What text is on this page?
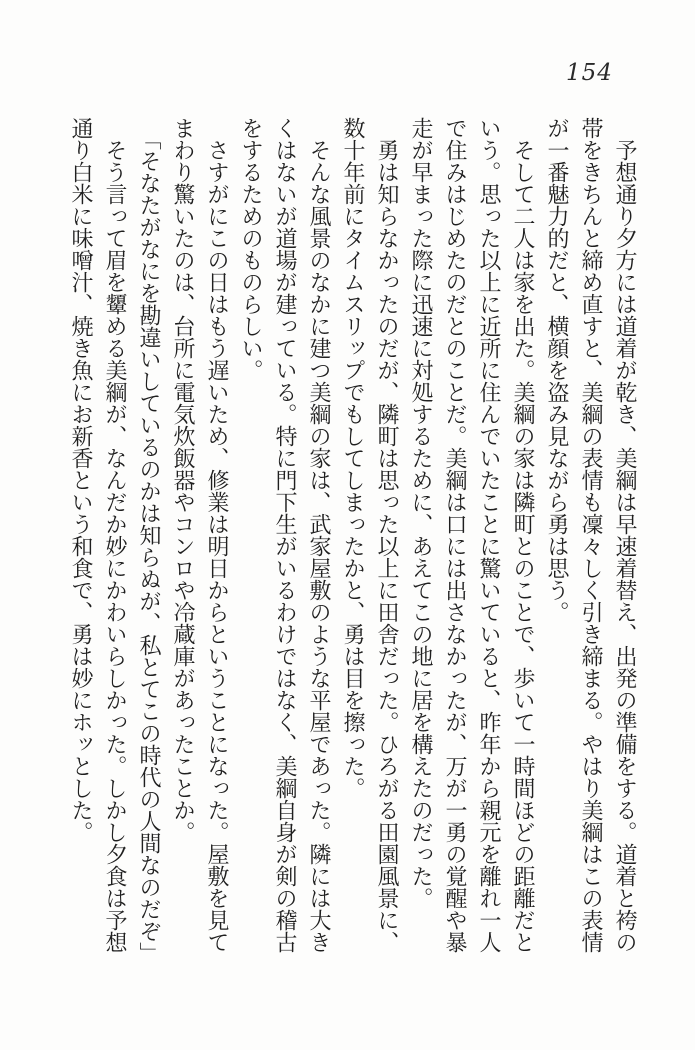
154

予想通り夕方には道着が乾き、美綱は早速着替え、出発の準備をする。道着と袴の帯をきちんと締め直すと、美綱の表情も凜々しく引き締まる。やはり美綱はこの表情が一番魅力的だと、横顔を盗み見ながら勇は思う。

そして二人は家を出た。美綱の家は隣町とのことで、歩いて一時間ほどの距離だという。思った以上に近所に住んでいたことに驚いていると、昨年から親元を離れ一人で住みはじめたのだとのことだ。美綱は口には出さなかったが、万が一勇の覚醒や暴走が早まった際に迅速に対処するために、あえてこの地に居を構えたのだった。

勇は知らなかったのだが、隣町は思った以上に田舎だった。ひろがる田園風景に、数十年前にタイムスリップでもしてしまったかと、勇は目を擦った。

そんな風景のなかに建つ美綱の家は、武家屋敷のような平屋であった。隣には大きくはないが道場が建っている。特に門下生がいるわけではなく、美綱自身が剣の稽古をするためのものらしい。

さすがにこの日はもう遅いため、修業は明日からということになった。屋敷を見てまわり驚いたのは、台所に電気炊飯器やコンロや冷蔵庫があったことか。

「そなたがなにを勘違いしているのかは知らぬが、私とてこの時代の人間なのだぞ」

そう言って眉を顰める美綱が、なんだか妙にかわいらしかった。しかし夕食は予想通り白米に味噌汁、焼き魚にお新香という和食で、勇は妙にホッとした。
